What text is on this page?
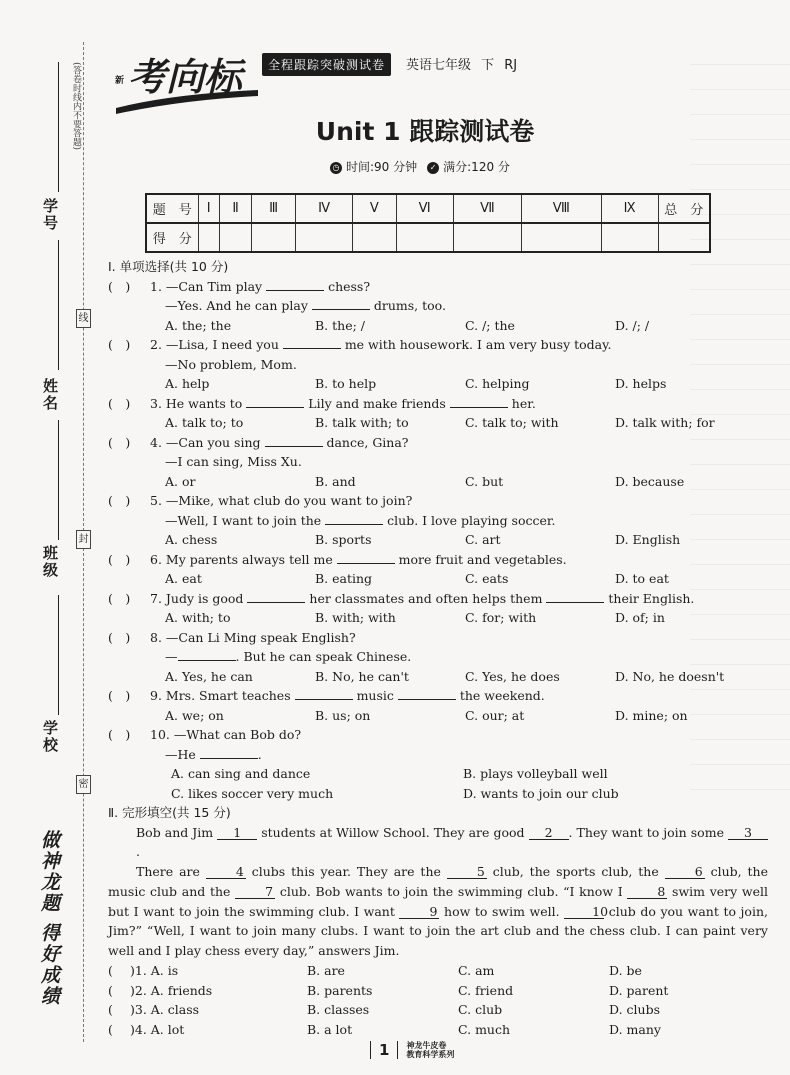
(答卷时线内不要答题)
学号
姓名
班级
学校
线
封
密
做神龙题 得好成绩
新 考向标	全程跟踪突破测试卷	英语七年级 下 RJ
Unit 1 跟踪测试卷
◷ 时间:90 分钟	✓ 满分:120 分
题　号	Ⅰ	Ⅱ	Ⅲ	Ⅳ	Ⅴ	Ⅵ	Ⅶ	Ⅷ	Ⅸ	总　分
得　分										
Ⅰ. 单项选择(共 10 分)
(　) 1. —Can Tim play	chess?
—Yes. And he can play	drums, too.
A. the; the	B. the; /	C. /; the	D. /; /
(　) 2. —Lisa, I need you	me with housework. I am very busy today.
—No problem, Mom.
A. help	B. to help	C. helping	D. helps
(　) 3. He wants to	Lily and make friends	her.
A. talk to; to	B. talk with; to	C. talk to; with	D. talk with; for
(　) 4. —Can you sing	dance, Gina?
—I can sing, Miss Xu.
A. or	B. and	C. but	D. because
(　) 5. —Mike, what club do you want to join?
—Well, I want to join the	club. I love playing soccer.
A. chess	B. sports	C. art	D. English
(　) 6. My parents always tell me	more fruit and vegetables.
A. eat	B. eating	C. eats	D. to eat
(　) 7. Judy is good	her classmates and often helps them	their English.
A. with; to	B. with; with	C. for; with	D. of; in
(　) 8. —Can Li Ming speak English?
—	. But he can speak Chinese.
A. Yes, he can	B. No, he can't	C. Yes, he does	D. No, he doesn't
(　) 9. Mrs. Smart teaches	music	the weekend.
A. we; on	B. us; on	C. our; at	D. mine; on
(　) 10. —What can Bob do?
—He	.
A. can sing and dance	B. plays volleyball well
C. likes soccer very much	D. wants to join our club
Ⅱ. 完形填空(共 15 分)
Bob and Jim 1 students at Willow School. They are good 2 . They want to join some 3.
There are 4 clubs this year. They are the 5 club, the sports club, the 6 club, the music club and the 7 club. Bob wants to join the swimming club. “I know I 8 swim very well but I want to join the swimming club. I want 9 how to swim well. 10 club do you want to join, Jim?” “Well, I want to join many clubs. I want to join the art club and the chess club. I can paint very well and I play chess every day,” answers Jim.
( )1. A. is	B. are	C. am	D. be
( )2. A. friends	B. parents	C. friend	D. parent
( )3. A. class	B. classes	C. club	D. clubs
( )4. A. lot	B. a lot	C. much	D. many
1 神龙牛皮卷
教育科学系列
